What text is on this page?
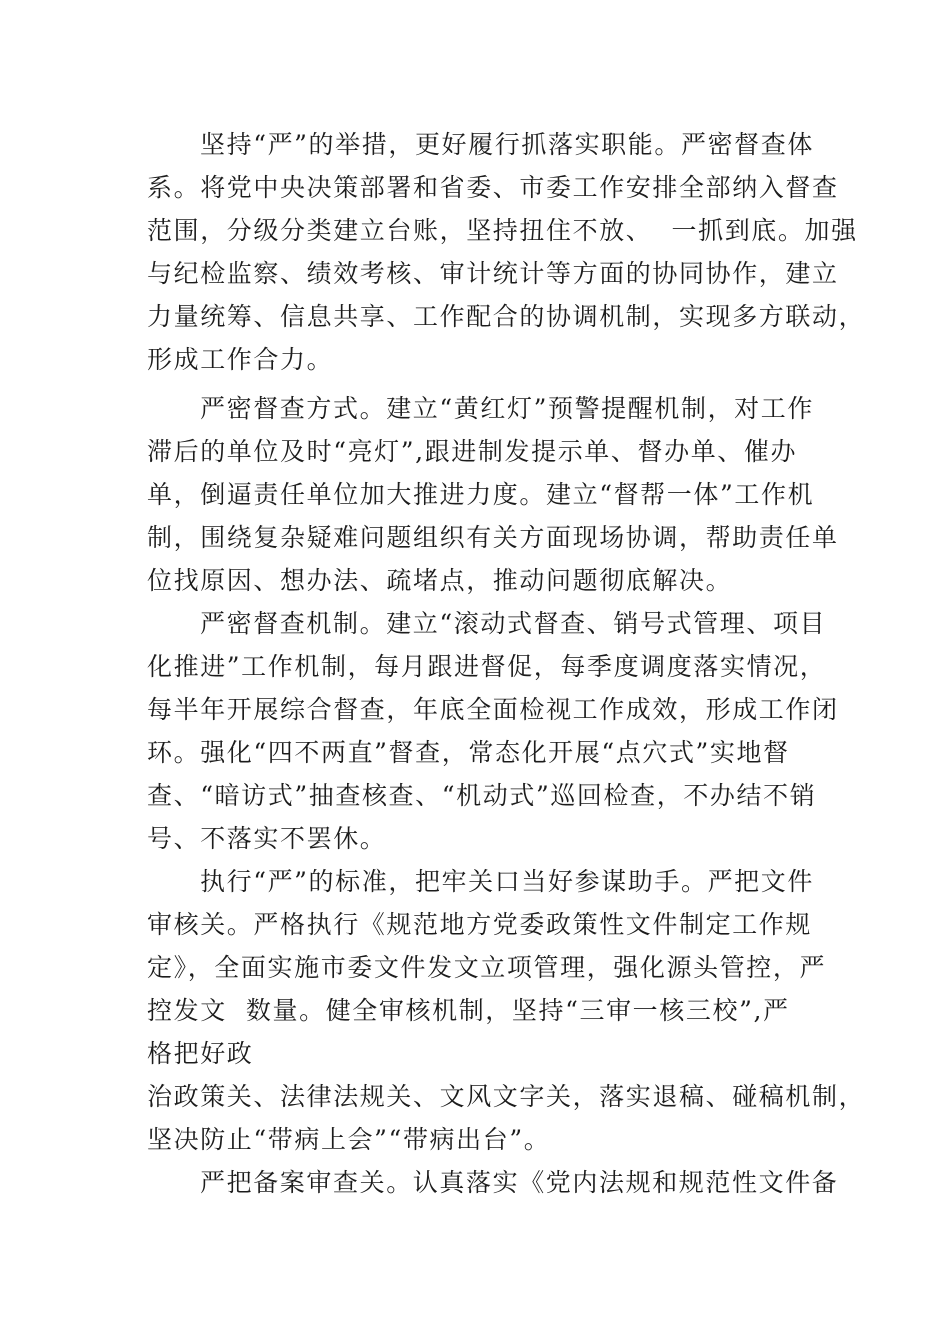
坚持“严”的举措，更好履行抓落实职能。严密督查体
系。将党中央决策部署和省委、市委工作安排全部纳入督查
范围，分级分类建立台账，坚持扭住不放、  一抓到底。加强
与纪检监察、绩效考核、审计统计等方面的协同协作，建立
力量统筹、信息共享、工作配合的协调机制，实现多方联动，
形成工作合力。
严密督查方式。建立“黄红灯”预警提醒机制，对工作
滞后的单位及时“亮灯”,跟进制发提示单、督办单、催办
单，倒逼责任单位加大推进力度。建立“督帮一体”工作机
制，围绕复杂疑难问题组织有关方面现场协调，帮助责任单
位找原因、想办法、疏堵点，推动问题彻底解决。
严密督查机制。建立“滚动式督查、销号式管理、项目
化推进”工作机制，每月跟进督促，每季度调度落实情况，
每半年开展综合督查，年底全面检视工作成效，形成工作闭
环。强化“四不两直”督查，常态化开展“点穴式”实地督
查、“暗访式”抽查核查、“机动式”巡回检查，不办结不销
号、不落实不罢休。
执行“严”的标准，把牢关口当好参谋助手。严把文件
审核关。严格执行《规范地方党委政策性文件制定工作规
定》，全面实施市委文件发文立项管理，强化源头管控，严
控发文  数量。健全审核机制，坚持“三审一核三校”,严
格把好政
治政策关、法律法规关、文风文字关，落实退稿、碰稿机制，
坚决防止“带病上会”“带病出台”。
严把备案审查关。认真落实《党内法规和规范性文件备
